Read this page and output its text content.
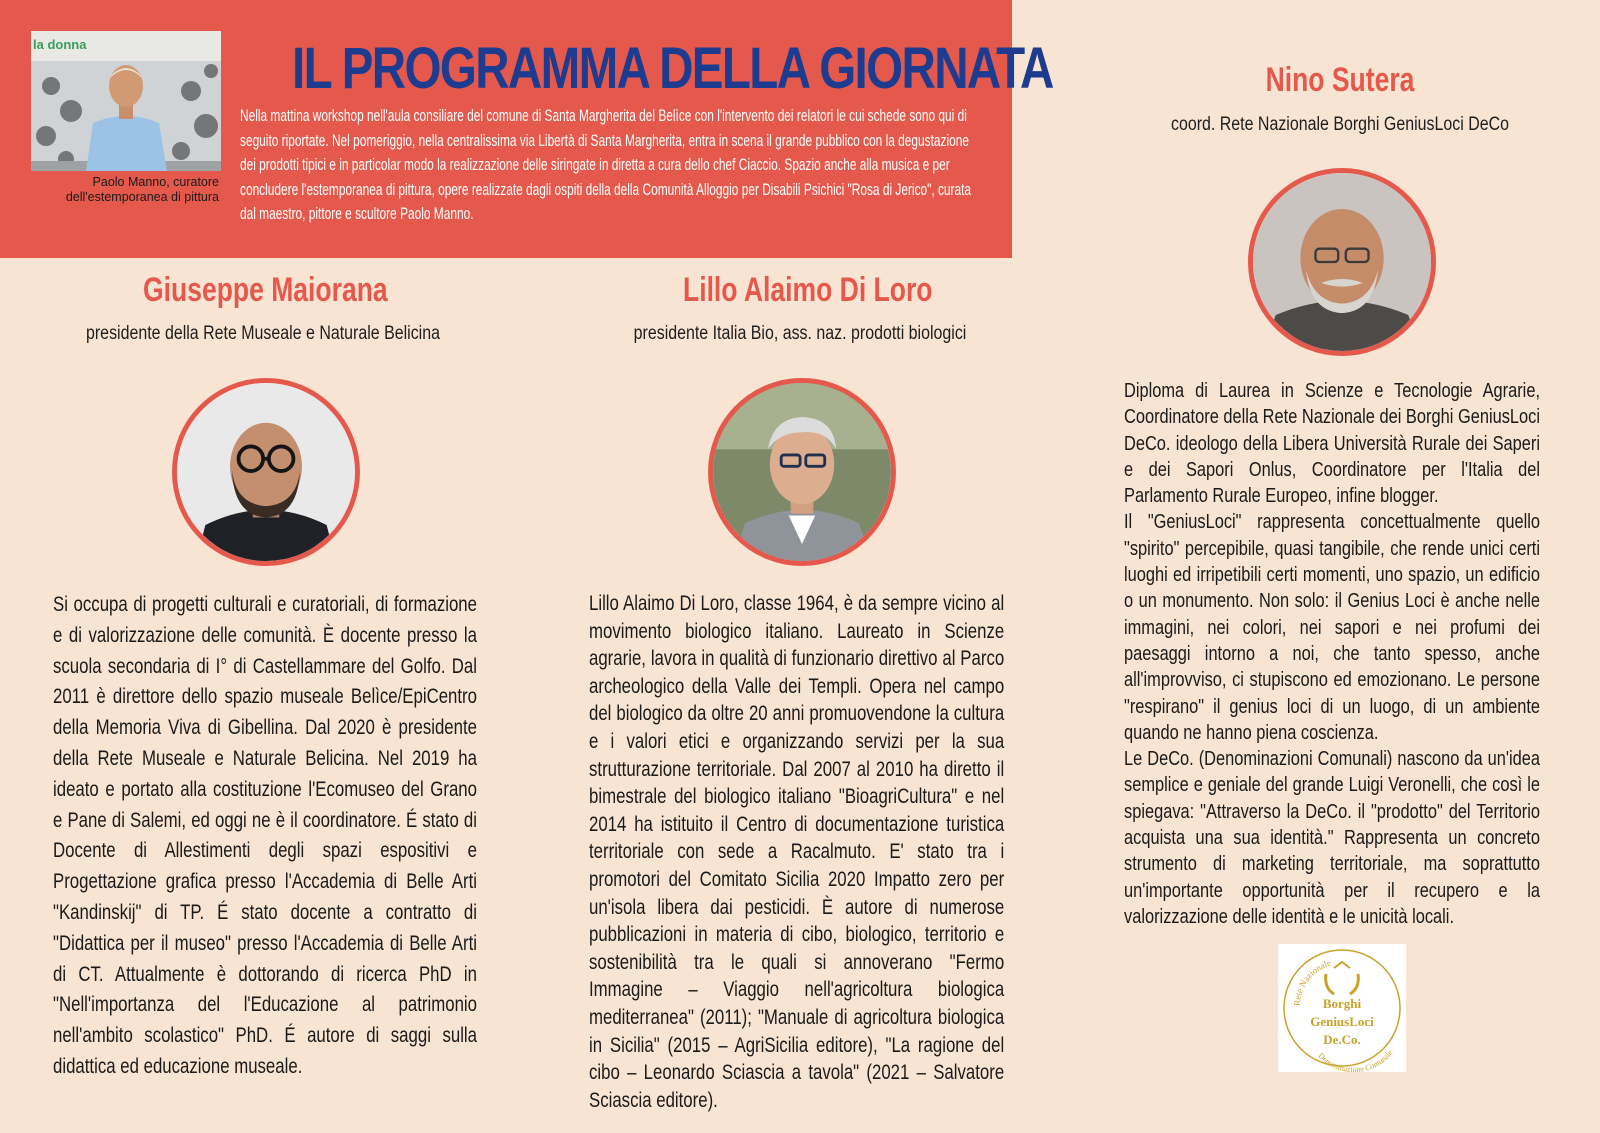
la donna
Paolo Manno, curatore
dell'estemporanea di pittura
IL PROGRAMMA DELLA GIORNATA
Nella mattina workshop nell'aula consiliare del comune di Santa Margherita del Belìce con l'intervento dei relatori le cui schede sono qui di seguito riportate. Nel pomeriggio, nella centralissima via Libertà di Santa Margherita, entra in scena il grande pubblico con la degustazione dei prodotti tipici e in particolar modo la realizzazione delle siringate in diretta a cura dello chef Ciaccio. Spazio anche alla musica e per concludere l'estemporanea di pittura, opere realizzate dagli ospiti della della Comunità Alloggio per Disabili Psichici "Rosa di Jerico", curata dal maestro, pittore e scultore Paolo Manno.
Giuseppe Maiorana
presidente della Rete Museale e Naturale Belicina
Si occupa di progetti culturali e curatoriali, di formazione e di valorizzazione delle comunità. È docente presso la scuola secondaria di I° di Castellammare del Golfo. Dal 2011 è direttore dello spazio museale Belìce/EpiCentro della Memoria Viva di Gibellina. Dal 2020 è presidente della Rete Museale e Naturale Belicina. Nel 2019 ha ideato e portato alla costituzione l'Ecomuseo del Grano e Pane di Salemi, ed oggi ne è il coordinatore. É stato di Docente di Allestimenti degli spazi espositivi e Progettazione grafica presso l'Accademia di Belle Arti "Kandinskij" di TP. É stato docente a contratto di "Didattica per il museo" presso l'Accademia di Belle Arti di CT. Attualmente è dottorando di ricerca PhD in "Nell'importanza del l'Educazione al patrimonio nell'ambito scolastico" PhD. É autore di saggi sulla didattica ed educazione museale.
Lillo Alaimo Di Loro
presidente Italia Bio, ass. naz. prodotti biologici
Lillo Alaimo Di Loro, classe 1964, è da sempre vicino al movimento biologico italiano. Laureato in Scienze agrarie, lavora in qualità di funzionario direttivo al Parco archeologico della Valle dei Templi. Opera nel campo del biologico da oltre 20 anni promuovendone la cultura e i valori etici e organizzando servizi per la sua strutturazione territoriale. Dal 2007 al 2010 ha diretto il bimestrale del biologico italiano "BioagriCultura" e nel 2014 ha istituito il Centro di documentazione turistica territoriale con sede a Racalmuto. E' stato tra i promotori del Comitato Sicilia 2020 Impatto zero per un'isola libera dai pesticidi. È autore di numerose pubblicazioni in materia di cibo, biologico, territorio e sostenibilità tra le quali si annoverano "Fermo Immagine – Viaggio nell'agricoltura biologica mediterranea" (2011); "Manuale di agricoltura biologica in Sicilia" (2015 – AgriSicilia editore), "La ragione del cibo – Leonardo Sciascia a tavola" (2021 – Salvatore Sciascia editore).
Nino Sutera
coord. Rete Nazionale Borghi GeniusLoci DeCo

Diploma di Laurea in Scienze e Tecnologie Agrarie, Coordinatore della Rete Nazionale dei Borghi GeniusLoci DeCo. ideologo della Libera Università Rurale dei Saperi e dei Sapori Onlus, Coordinatore per l'Italia del Parlamento Rurale Europeo, infine blogger.

Il "GeniusLoci" rappresenta concettualmente quello "spirito" percepibile, quasi tangibile, che rende unici certi luoghi ed irripetibili certi momenti, uno spazio, un edificio o un monumento. Non solo: il Genius Loci è anche nelle immagini, nei colori, nei sapori e nei profumi dei paesaggi intorno a noi, che tanto spesso, anche all'improvviso, ci stupiscono ed emozionano. Le persone "respirano" il genius loci di un luogo, di un ambiente quando ne hanno piena coscienza.

Le DeCo. (Denominazioni Comunali) nascono da un'idea semplice e geniale del grande Luigi Veronelli, che così le spiegava: "Attraverso la DeCo. il "prodotto" del Territorio acquista una sua identità." Rappresenta un concreto strumento di marketing territoriale, ma soprattutto un'importante opportunità per il recupero e la valorizzazione delle identità e le unicità locali.

Rete Nazionale
Denominazione Comunale
Borghi
GeniusLoci
De.Co.
